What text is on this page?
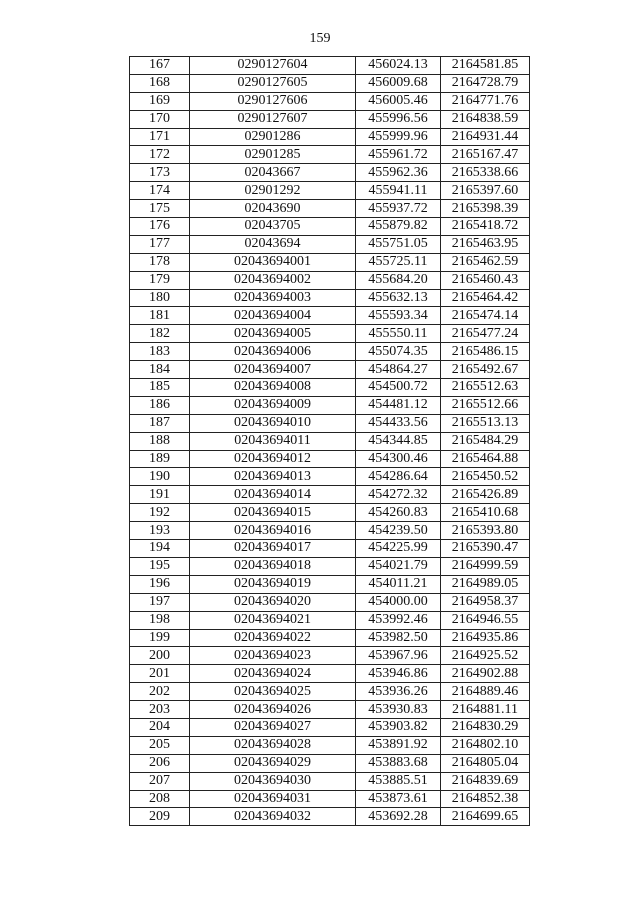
159
167	0290127604	456024.13	2164581.85
168	0290127605	456009.68	2164728.79
169	0290127606	456005.46	2164771.76
170	0290127607	455996.56	2164838.59
171	02901286	455999.96	2164931.44
172	02901285	455961.72	2165167.47
173	02043667	455962.36	2165338.66
174	02901292	455941.11	2165397.60
175	02043690	455937.72	2165398.39
176	02043705	455879.82	2165418.72
177	02043694	455751.05	2165463.95
178	02043694001	455725.11	2165462.59
179	02043694002	455684.20	2165460.43
180	02043694003	455632.13	2165464.42
181	02043694004	455593.34	2165474.14
182	02043694005	455550.11	2165477.24
183	02043694006	455074.35	2165486.15
184	02043694007	454864.27	2165492.67
185	02043694008	454500.72	2165512.63
186	02043694009	454481.12	2165512.66
187	02043694010	454433.56	2165513.13
188	02043694011	454344.85	2165484.29
189	02043694012	454300.46	2165464.88
190	02043694013	454286.64	2165450.52
191	02043694014	454272.32	2165426.89
192	02043694015	454260.83	2165410.68
193	02043694016	454239.50	2165393.80
194	02043694017	454225.99	2165390.47
195	02043694018	454021.79	2164999.59
196	02043694019	454011.21	2164989.05
197	02043694020	454000.00	2164958.37
198	02043694021	453992.46	2164946.55
199	02043694022	453982.50	2164935.86
200	02043694023	453967.96	2164925.52
201	02043694024	453946.86	2164902.88
202	02043694025	453936.26	2164889.46
203	02043694026	453930.83	2164881.11
204	02043694027	453903.82	2164830.29
205	02043694028	453891.92	2164802.10
206	02043694029	453883.68	2164805.04
207	02043694030	453885.51	2164839.69
208	02043694031	453873.61	2164852.38
209	02043694032	453692.28	2164699.65
